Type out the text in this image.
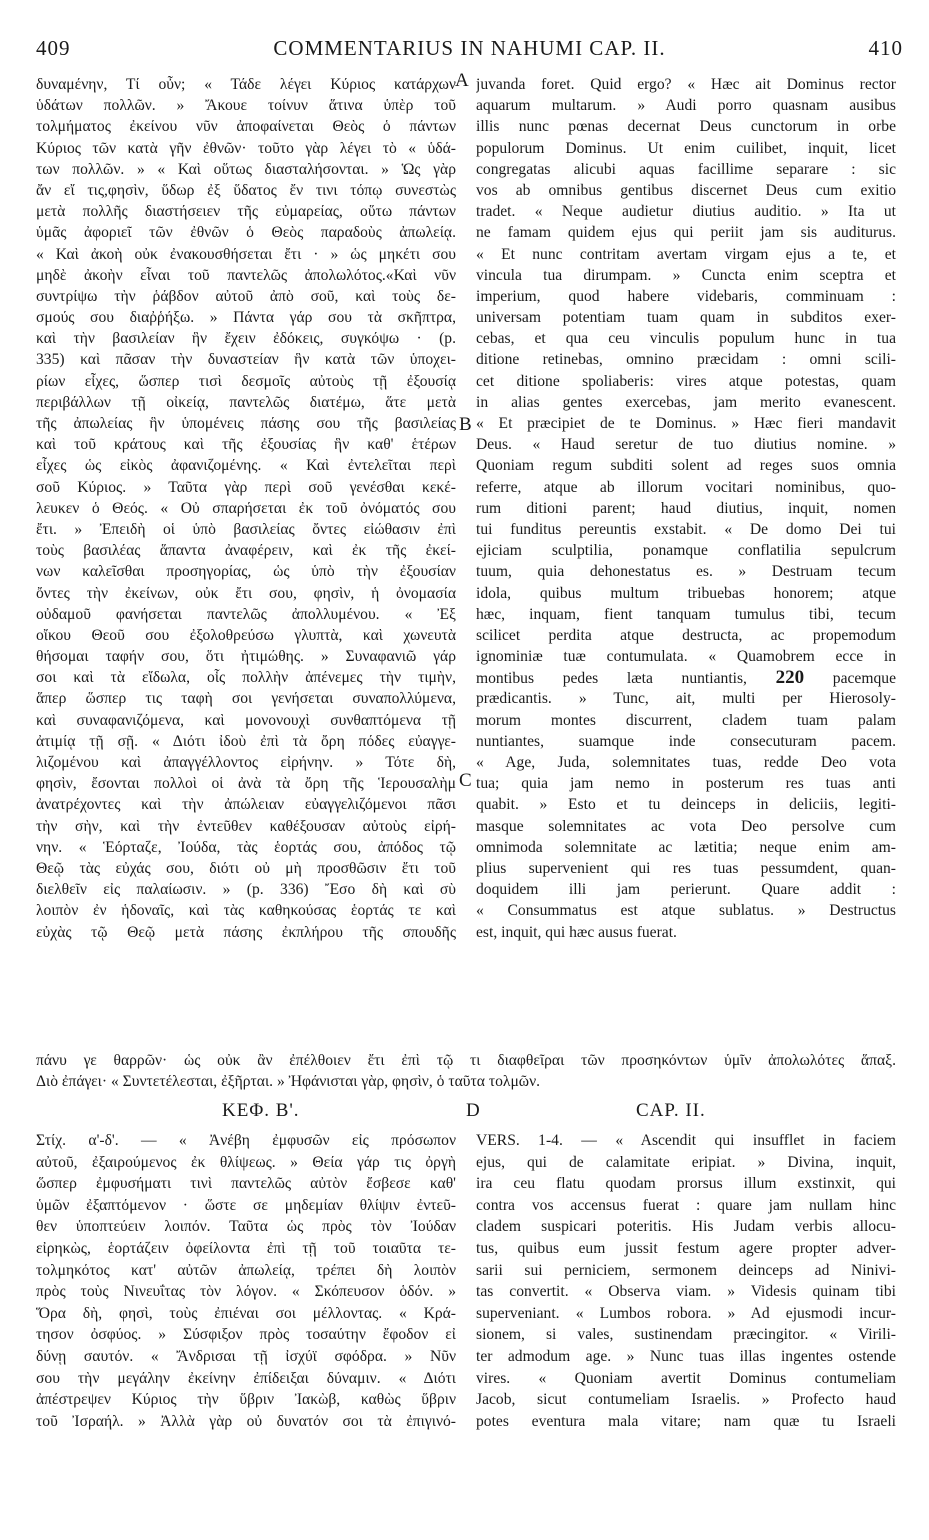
409	COMMENTARIUS IN NAHUMI CAP. II.	410
δυναμένην, Τί οὖν; « Τάδε λέγει Κύριος κατάρχων
ὑδάτων πολλῶν. » Ἄκουε τοίνυν ἅτινα ὑπὲρ τοῦ
τολμήματος ἐκείνου νῦν ἀποφαίνεται Θεὸς ὁ πάντων
Κύριος τῶν κατὰ γῆν ἐθνῶν· τοῦτο γὰρ λέγει τὸ « ὑδά-
των πολλῶν. » « Καὶ οὕτως διασταλήσονται. » Ὡς γὰρ
ἄν εἴ τις,φησὶν, ὕδωρ ἐξ ὕδατος ἔν τινι τόπῳ συνεστὼς
μετὰ πολλῆς διαστήσειεν τῆς εὐμαρείας, οὕτω πάντων
ὑμᾶς ἀφοριεῖ τῶν ἐθνῶν ὁ Θεὸς παραδοὺς ἀπωλείᾳ.
« Καὶ ἀκοὴ οὐκ ἐνακουσθήσεται ἔτι · » ὡς μηκέτι σου
μηδὲ ἀκοὴν εἶναι τοῦ παντελῶς ἀπολωλότος.«Καὶ νῦν
συντρίψω τὴν ῥάβδον αὐτοῦ ἀπὸ σοῦ, καὶ τοὺς δε-
σμούς σου διαῤῥήξω. » Πάντα γάρ σου τὰ σκῆπτρα,
καὶ τὴν βασιλείαν ἣν ἔχειν ἐδόκεις, συγκόψω · (p.
335) καὶ πᾶσαν τὴν δυναστείαν ἣν κατὰ τῶν ὑποχει-
ρίων εἶχες, ὥσπερ τισὶ δεσμοῖς αὐτοὺς τῇ ἐξουσίᾳ
περιβάλλων τῇ οἰκείᾳ, παντελῶς διατέμω, ἅτε μετὰ
τῆς ἀπωλείας ἣν ὑπομένεις πάσης σου τῆς βασιλείας
καὶ τοῦ κράτους καὶ τῆς ἐξουσίας ἣν καθ' ἑτέρων
εἶχες ὡς εἰκὸς ἀφανιζομένης. « Καὶ ἐντελεῖται περὶ
σοῦ Κύριος. » Ταῦτα γὰρ περὶ σοῦ γενέσθαι κεκέ-
λευκεν ὁ Θεός. « Οὐ σπαρήσεται ἐκ τοῦ ὀνόματός σου
ἔτι. » Ἐπειδὴ οἱ ὑπὸ βασιλείας ὄντες εἰώθασιν ἐπὶ
τοὺς βασιλέας ἅπαντα ἀναφέρειν, καὶ ἐκ τῆς ἐκεί-
νων καλεῖσθαι προσηγορίας, ὡς ὑπὸ τὴν ἐξουσίαν
ὄντες τὴν ἐκείνων, οὐκ ἔτι σου, φησὶν, ἡ ὀνομασία
οὐδαμοῦ φανήσεται παντελῶς ἀπολλυμένου. « Ἐξ
οἴκου Θεοῦ σου ἐξολοθρεύσω γλυπτὰ, καὶ χωνευτὰ
θήσομαι ταφήν σου, ὅτι ἠτιμώθης. » Συναφανιῶ γάρ
σοι καὶ τὰ εἴδωλα, οἷς πολλὴν ἀπένεμες τὴν τιμὴν,
ἅπερ ὥσπερ τις ταφὴ σοι γενήσεται συναπολλύμενα,
καὶ συναφανιζόμενα, καὶ μονονουχὶ συνθαπτόμενα τῇ
ἀτιμίᾳ τῇ σῇ. « Διότι ἰδοὺ ἐπὶ τὰ ὄρη πόδες εὐαγγε-
λιζομένου καὶ ἀπαγγέλλοντος εἰρήνην. » Τότε δὴ,
φησὶν, ἔσονται πολλοὶ οἱ ἀνὰ τὰ ὄρη τῆς Ἱερουσαλὴμ
ἀνατρέχοντες καὶ τὴν ἀπώλειαν εὐαγγελιζόμενοι πᾶσι
τὴν σὴν, καὶ τὴν ἐντεῦθεν καθέξουσαν αὐτοὺς εἰρή-
νην. « Ἑόρταζε, Ἰούδα, τὰς ἑορτάς σου, ἀπόδος τῷ
Θεῷ τὰς εὐχάς σου, διότι οὐ μὴ προσθῶσιν ἔτι τοῦ
διελθεῖν εἰς παλαίωσιν. » (p. 336) Ἔσο δὴ καὶ σὺ
λοιπὸν ἐν ἡδοναῖς, καὶ τὰς καθηκούσας ἑορτάς τε καὶ
εὐχὰς τῷ Θεῷ μετὰ πάσης ἐκπλήρου τῆς σπουδῆς
juvanda foret. Quid ergo? « Hæc ait Dominus rector
aquarum multarum. » Audi porro quasnam ausibus
illis nunc pœnas decernat Deus cunctorum in orbe
populorum Dominus. Ut enim cuilibet, inquit, licet
congregatas alicubi aquas facillime separare : sic
vos ab omnibus gentibus discernet Deus cum exitio
tradet. « Neque audietur diutius auditio. » Ita ut
ne famam quidem ejus qui periit jam sis auditurus.
« Et nunc contritam avertam virgam ejus a te, et
vincula tua dirumpam. » Cuncta enim sceptra et
imperium, quod habere videbaris, comminuam :
universam potentiam tuam quam in subditos exer-
cebas, et qua ceu vinculis populum hunc in tua
ditione retinebas, omnino præcidam : omni scili-
cet ditione spoliaberis: vires atque potestas, quam
in alias gentes exercebas, jam merito evanescent.
« Et præcipiet de te Dominus. » Hæc fieri mandavit
Deus. « Haud seretur de tuo diutius nomine. »
Quoniam regum subditi solent ad reges suos omnia
referre, atque ab illorum vocitari nominibus, quo-
rum ditioni parent; haud diutius, inquit, nomen
tui funditus pereuntis exstabit. « De domo Dei tui
ejiciam sculptilia, ponamque conflatilia sepulcrum
tuum, quia dehonestatus es. » Destruam tecum
idola, quibus multum tribuebas honorem; atque
hæc, inquam, fient tanquam tumulus tibi, tecum
scilicet perdita atque destructa, ac propemodum
ignominiæ tuæ contumulata. « Quamobrem ecce in
montibus pedes læta nuntiantis, 220 pacemque
prædicantis. » Tunc, ait, multi per Hierosoly-
morum montes discurrent, cladem tuam palam
nuntiantes, suamque inde consecuturam pacem.
« Age, Juda, solemnitates tuas, redde Deo vota
tua; quia jam nemo in posterum res tuas anti
quabit. » Esto et tu deinceps in deliciis, legiti-
masque solemnitates ac vota Deo persolve cum
omnimoda solemnitate ac lætitia; neque enim am-
plius supervenient qui res tuas pessumdent, quan-
doquidem illi jam perierunt. Quare addit :
« Consummatus est atque sublatus. » Destructus
est, inquit, qui hæc ausus fuerat.
A
B
C
D
πάνυ γε θαρρῶν· ὡς οὐκ ἂν ἐπέλθοιεν ἔτι ἐπὶ τῷ τι διαφθεῖραι τῶν προσηκόντων ὑμῖν ἀπολωλότες ἅπαξ.
Διὸ ἐπάγει· « Συντετέλεσται, ἐξῆρται. » Ἠφάνισται γὰρ, φησὶν, ὁ ταῦτα τολμῶν.
ΚΕΦ. Β'.	CAP. II.
Στίχ. α'-δ'. — « Ἀνέβη ἐμφυσῶν εἰς πρόσωπον
αὐτοῦ, ἐξαιρούμενος ἐκ θλίψεως. » Θεία γάρ τις ὀργὴ
ὥσπερ ἐμφυσήματι τινὶ παντελῶς αὐτὸν ἔσβεσε καθ'
ὑμῶν ἐξαπτόμενον · ὥστε σε μηδεμίαν θλίψιν ἐντεῦ-
θεν ὑποπτεύειν λοιπόν. Ταῦτα ὡς πρὸς τὸν Ἰούδαν
εἰρηκὼς, ἑορτάζειν ὀφείλοντα ἐπὶ τῇ τοῦ τοιαῦτα τε-
τολμηκότος κατ' αὐτῶν ἀπωλείᾳ, τρέπει δὴ λοιπὸν
πρὸς τοὺς Νινευΐτας τὸν λόγον. « Σκόπευσον ὁδόν. »
Ὅρα δὴ, φησὶ, τοὺς ἐπιέναι σοι μέλλοντας. « Κρά-
τησον ὀσφύος. » Σύσφιξον πρὸς τοσαύτην ἔφοδον εἰ
δύνῃ σαυτόν. « Ἄνδρισαι τῇ ἰσχύϊ σφόδρα. » Νῦν
σου τὴν μεγάλην ἐκείνην ἐπίδειξαι δύναμιν. « Διότι
ἀπέστρεψεν Κύριος τὴν ὕβριν Ἰακὼβ, καθὼς ὕβριν
τοῦ Ἰσραήλ. » Ἀλλὰ γὰρ οὐ δυνατόν σοι τὰ ἐπιγινό-
VERS. 1-4. — « Ascendit qui insufflet in faciem
ejus, qui de calamitate eripiat. » Divina, inquit,
ira ceu flatu quodam prorsus illum exstinxit, qui
contra vos accensus fuerat : quare jam nullam hinc
cladem suspicari poteritis. His Judam verbis allocu-
tus, quibus eum jussit festum agere propter adver-
sarii sui perniciem, sermonem deinceps ad Ninivi-
tas convertit. « Observa viam. » Videsis quinam tibi
superveniant. « Lumbos robora. » Ad ejusmodi incur-
sionem, si vales, sustinendam præcingitor. « Virili-
ter admodum age. » Nunc tuas illas ingentes ostende
vires. « Quoniam avertit Dominus contumeliam
Jacob, sicut contumeliam Israelis. » Profecto haud
potes eventura mala vitare; nam quæ tu Israeli
